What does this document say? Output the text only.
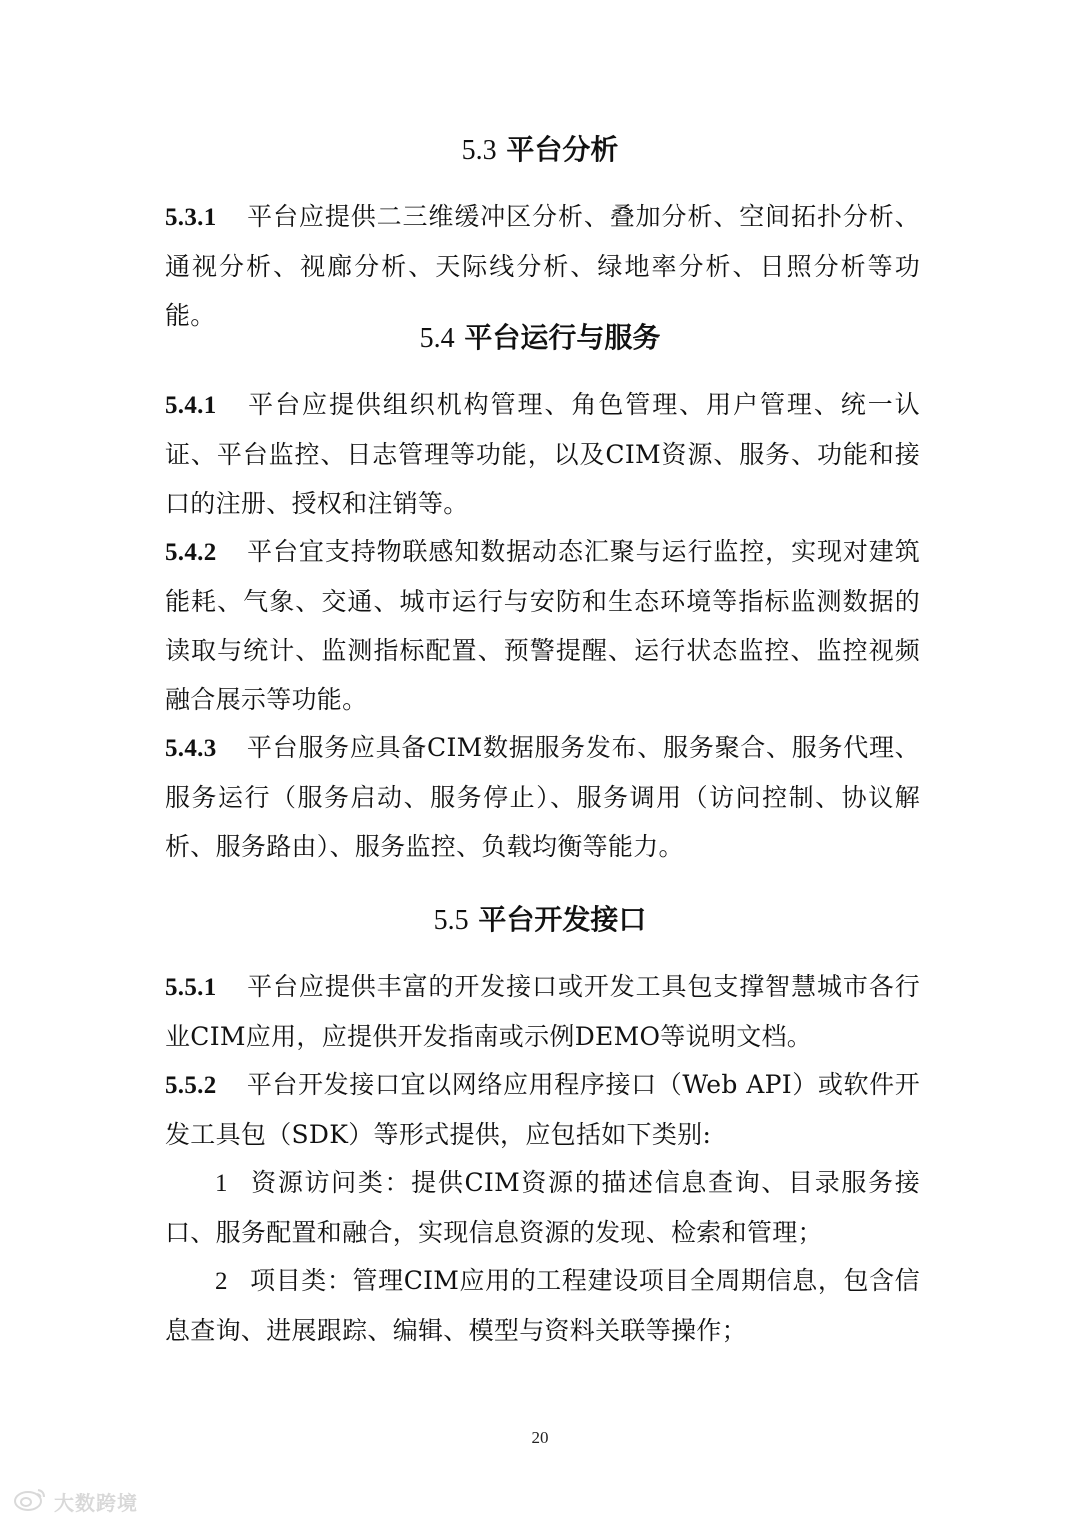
5.3 平台分析

5.3.1 平台应提供二三维缓冲区分析、叠加分析、空间拓扑分析、通视分析、视廊分析、天际线分析、绿地率分析、日照分析等功能。

5.4 平台运行与服务

5.4.1 平台应提供组织机构管理、角色管理、用户管理、统一认证、平台监控、日志管理等功能，以及CIM资源、服务、功能和接口的注册、授权和注销等。

5.4.2 平台宜支持物联感知数据动态汇聚与运行监控，实现对建筑能耗、气象、交通、城市运行与安防和生态环境等指标监测数据的读取与统计、监测指标配置、预警提醒、运行状态监控、监控视频融合展示等功能。

5.4.3 平台服务应具备CIM数据服务发布、服务聚合、服务代理、服务运行（服务启动、服务停止）、服务调用（访问控制、协议解析、服务路由）、服务监控、负载均衡等能力。

5.5 平台开发接口

5.5.1 平台应提供丰富的开发接口或开发工具包支撑智慧城市各行业CIM应用，应提供开发指南或示例DEMO等说明文档。

5.5.2 平台开发接口宜以网络应用程序接口（Web API）或软件开发工具包（SDK）等形式提供，应包括如下类别:

1 资源访问类：提供CIM资源的描述信息查询、目录服务接口、服务配置和融合，实现信息资源的发现、检索和管理；

2 项目类：管理CIM应用的工程建设项目全周期信息，包含信息查询、进展跟踪、编辑、模型与资料关联等操作；

20
大数跨境
